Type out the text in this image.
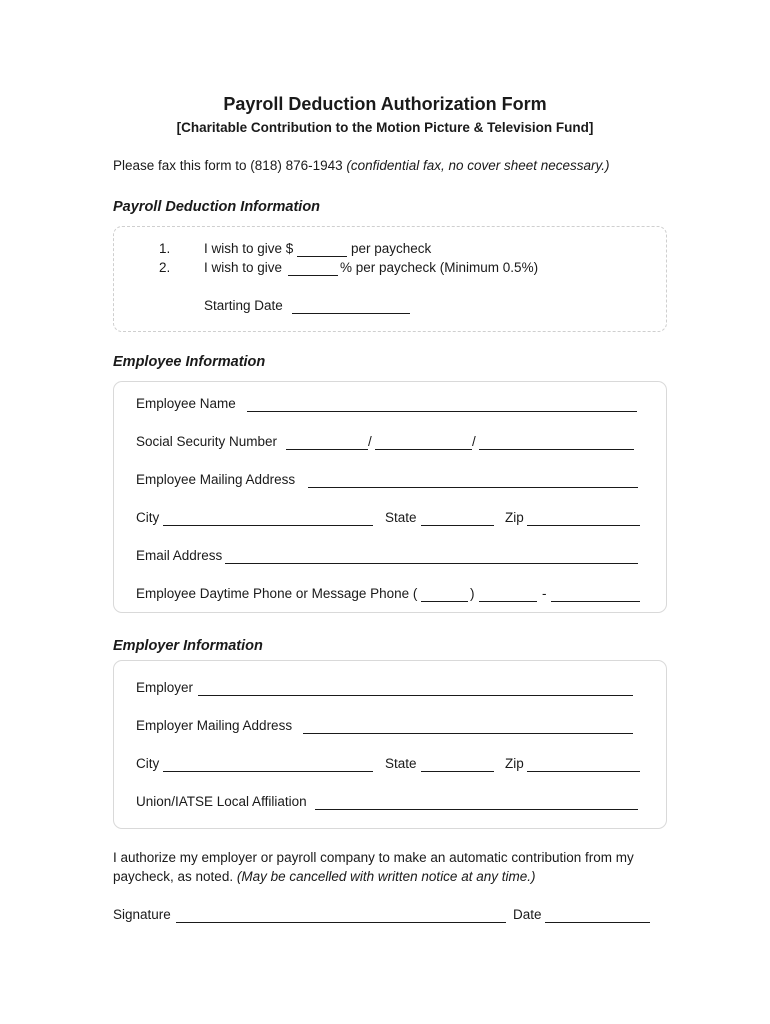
Payroll Deduction Authorization Form
[Charitable Contribution to the Motion Picture & Television Fund]
Please fax this form to (818) 876-1943 (confidential fax, no cover sheet necessary.)
Payroll Deduction Information
1. I wish to give $	per paycheck
2. I wish to give	% per paycheck (Minimum 0.5%)
Starting Date
Employee Information
Employee Name
Social Security Number	/	/
Employee Mailing Address
City	State	Zip
Email Address
Employee Daytime Phone or Message Phone (	)	-
Employer Information
Employer
Employer Mailing Address
City	State	Zip
Union/IATSE Local Affiliation
I authorize my employer or payroll company to make an automatic contribution from my paycheck, as noted. (May be cancelled with written notice at any time.)
Signature	Date
